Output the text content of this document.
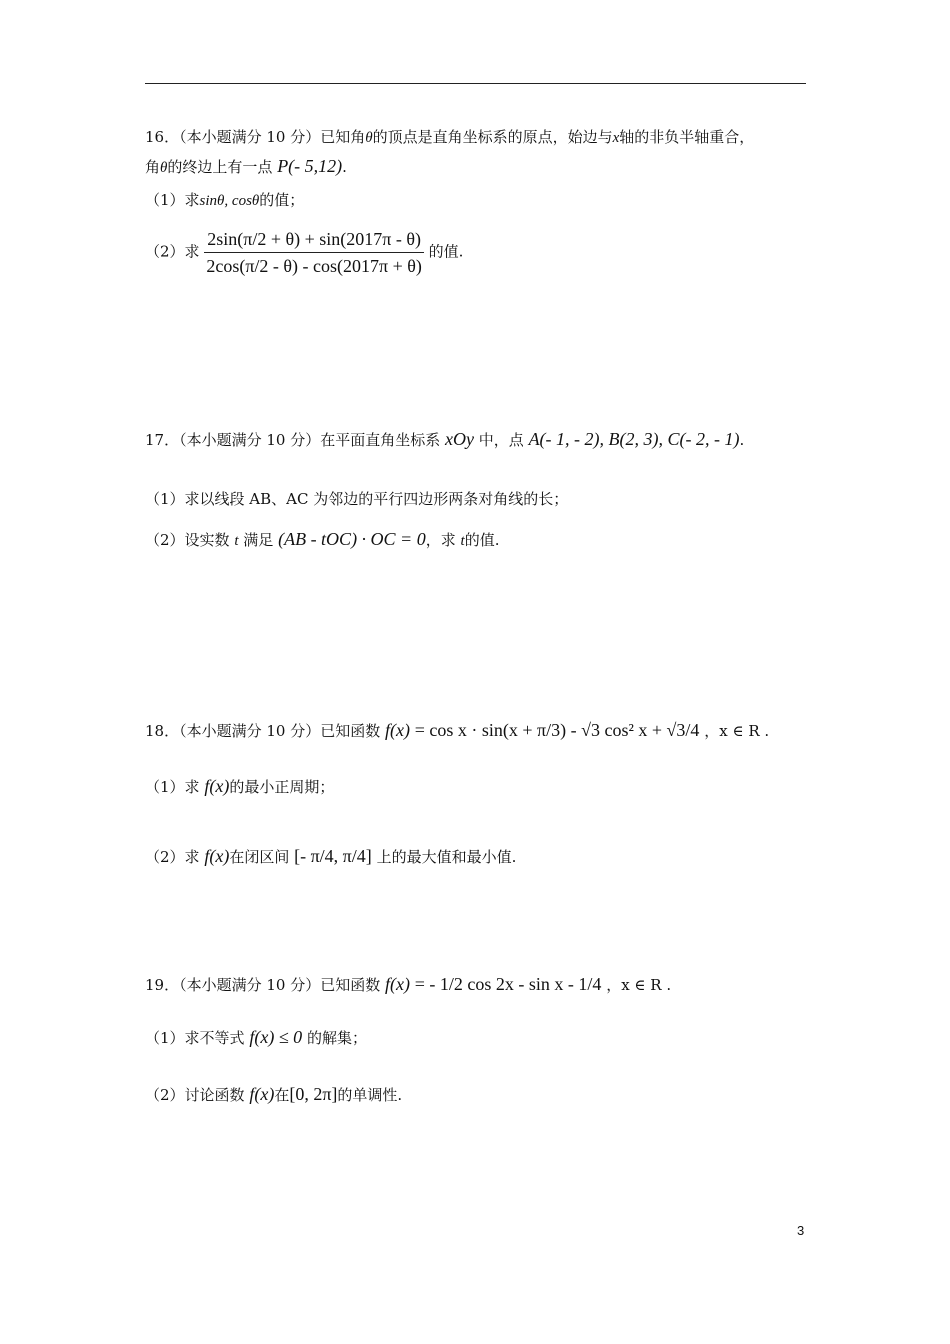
16．（本小题满分 10 分）已知角θ的顶点是直角坐标系的原点，始边与x轴的非负半轴重合，
角θ的终边上有一点 P(- 5,12).
（1）求sinθ, cosθ的值；
（2）求 $\frac{2\sin(\pi/2 + \theta) + \sin(2017\pi - \theta)}{2\cos(\pi/2 - \theta) - \cos(2017\pi + \theta)}$ 的值.
17．（本小题满分 10 分）在平面直角坐标系 xOy 中，点 A(- 1, - 2), B(2, 3), C(- 2, - 1).
（1）求以线段 AB、AC 为邻边的平行四边形两条对角线的长；
（2）设实数 t 满足 (AB - tOC) · OC = 0，求 t的值.
18．（本小题满分 10 分）已知函数 f(x) = cos x · sin(x + π/3) - √3 cos² x + √3/4 ，x ∈ R .
（1）求 f(x)的最小正周期；
（2）求 f(x)在闭区间 [- π/4, π/4] 上的最大值和最小值.
19．（本小题满分 10 分）已知函数 f(x) = - 1/2 cos 2x - sin x - 1/4 ，x ∈ R .
（1）求不等式 f(x) ≤ 0 的解集；
（2）讨论函数 f(x)在[0, 2π]的单调性.
3
